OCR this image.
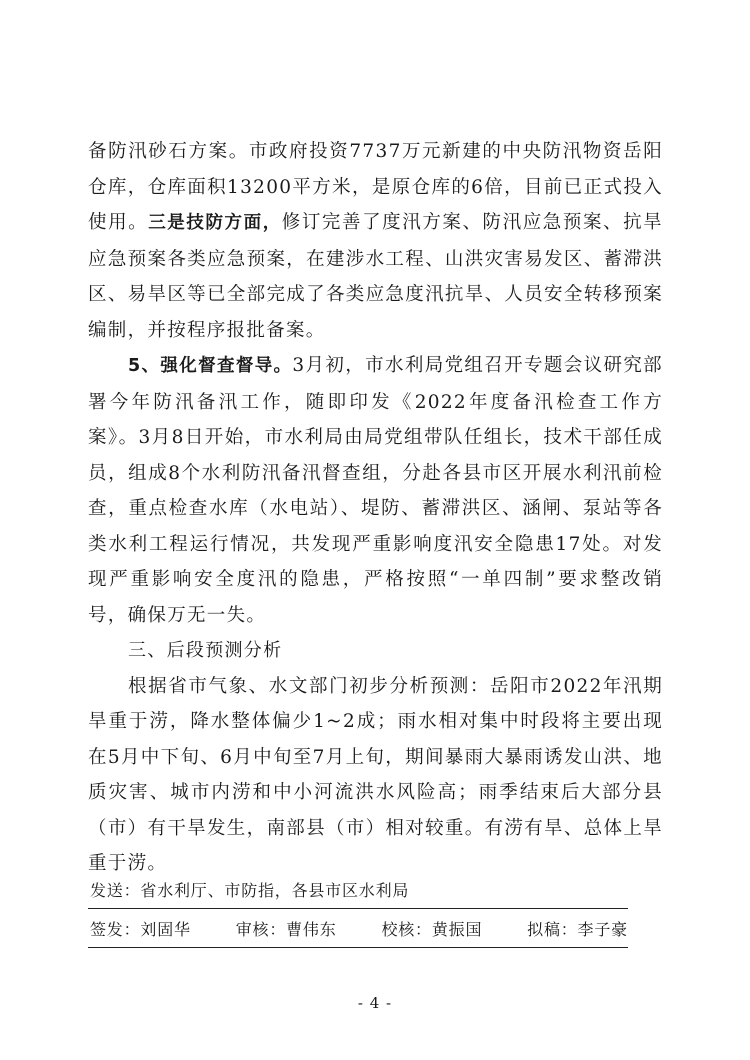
备防汛砂石方案。市政府投资7737万元新建的中央防汛物资岳阳仓库，仓库面积13200平方米，是原仓库的6倍，目前已正式投入使用。三是技防方面，修订完善了度汛方案、防汛应急预案、抗旱应急预案各类应急预案，在建涉水工程、山洪灾害易发区、蓄滞洪区、易旱区等已全部完成了各类应急度汛抗旱、人员安全转移预案编制，并按程序报批备案。

5、强化督查督导。3月初，市水利局党组召开专题会议研究部署今年防汛备汛工作，随即印发《2022年度备汛检查工作方案》。3月8日开始，市水利局由局党组带队任组长，技术干部任成员，组成8个水利防汛备汛督查组，分赴各县市区开展水利汛前检查，重点检查水库（水电站）、堤防、蓄滞洪区、涵闸、泵站等各类水利工程运行情况，共发现严重影响度汛安全隐患17处。对发现严重影响安全度汛的隐患，严格按照“一单四制”要求整改销号，确保万无一失。

三、后段预测分析

根据省市气象、水文部门初步分析预测：岳阳市2022年汛期旱重于涝，降水整体偏少1~2成；雨水相对集中时段将主要出现在5月中下旬、6月中旬至7月上旬，期间暴雨大暴雨诱发山洪、地质灾害、城市内涝和中小河流洪水风险高；雨季结束后大部分县（市）有干旱发生，南部县（市）相对较重。有涝有旱、总体上旱重于涝。

发送：省水利厅、市防指，各县市区水利局
签发：刘固华	审核：曹伟东	校核：黄振国	拟稿：李子豪
- 4 -
